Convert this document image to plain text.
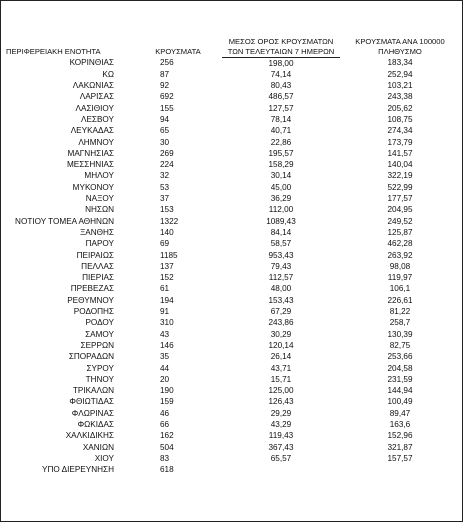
ΠΕΡΙΦΕΡΕΙΑΚΗ ΕΝΟΤΗΤΑ	ΚΡΟΥΣΜΑΤΑ	ΜΕΣΟΣ ΟΡΟΣ ΚΡΟΥΣΜΑΤΩΝ ΤΩΝ ΤΕΛΕΥΤΑΙΩΝ 7 ΗΜΕΡΩΝ	ΚΡΟΥΣΜΑΤΑ ΑΝΑ 100000 ΠΛΗΘΥΣΜΟ
ΚΟΡΙΝΘΙΑΣ	256	198,00	183,34
ΚΩ	87	74,14	252,94
ΛΑΚΩΝΙΑΣ	92	80,43	103,21
ΛΑΡΙΣΑΣ	692	486,57	243,38
ΛΑΣΙΘΙΟΥ	155	127,57	205,62
ΛΕΣΒΟΥ	94	78,14	108,75
ΛΕΥΚΑΔΑΣ	65	40,71	274,34
ΛΗΜΝΟΥ	30	22,86	173,79
ΜΑΓΝΗΣΙΑΣ	269	195,57	141,57
ΜΕΣΣΗΝΙΑΣ	224	158,29	140,04
ΜΗΛΟΥ	32	30,14	322,19
ΜΥΚΟΝΟΥ	53	45,00	522,99
ΝΑΞΟΥ	37	36,29	177,57
ΝΗΣΩΝ	153	112,00	204,95
ΝΟΤΙΟΥ ΤΟΜΕΑ ΑΘΗΝΩΝ	1322	1089,43	249,52
ΞΑΝΘΗΣ	140	84,14	125,87
ΠΑΡΟΥ	69	58,57	462,28
ΠΕΙΡΑΙΩΣ	1185	953,43	263,92
ΠΕΛΛΑΣ	137	79,43	98,08
ΠΙΕΡΙΑΣ	152	112,57	119,97
ΠΡΕΒΕΖΑΣ	61	48,00	106,1
ΡΕΘΥΜΝΟΥ	194	153,43	226,61
ΡΟΔΟΠΗΣ	91	67,29	81,22
ΡΟΔΟΥ	310	243,86	258,7
ΣΑΜΟΥ	43	30,29	130,39
ΣΕΡΡΩΝ	146	120,14	82,75
ΣΠΟΡΑΔΩΝ	35	26,14	253,66
ΣΥΡΟΥ	44	43,71	204,58
ΤΗΝΟΥ	20	15,71	231,59
ΤΡΙΚΑΛΩΝ	190	125,00	144,94
ΦΘΙΩΤΙΔΑΣ	159	126,43	100,49
ΦΛΩΡΙΝΑΣ	46	29,29	89,47
ΦΩΚΙΔΑΣ	66	43,29	163,6
ΧΑΛΚΙΔΙΚΗΣ	162	119,43	152,96
ΧΑΝΙΩΝ	504	367,43	321,87
ΧΙΟΥ	83	65,57	157,57
ΥΠΟ ΔΙΕΡΕΥΝΗΣΗ	618		
